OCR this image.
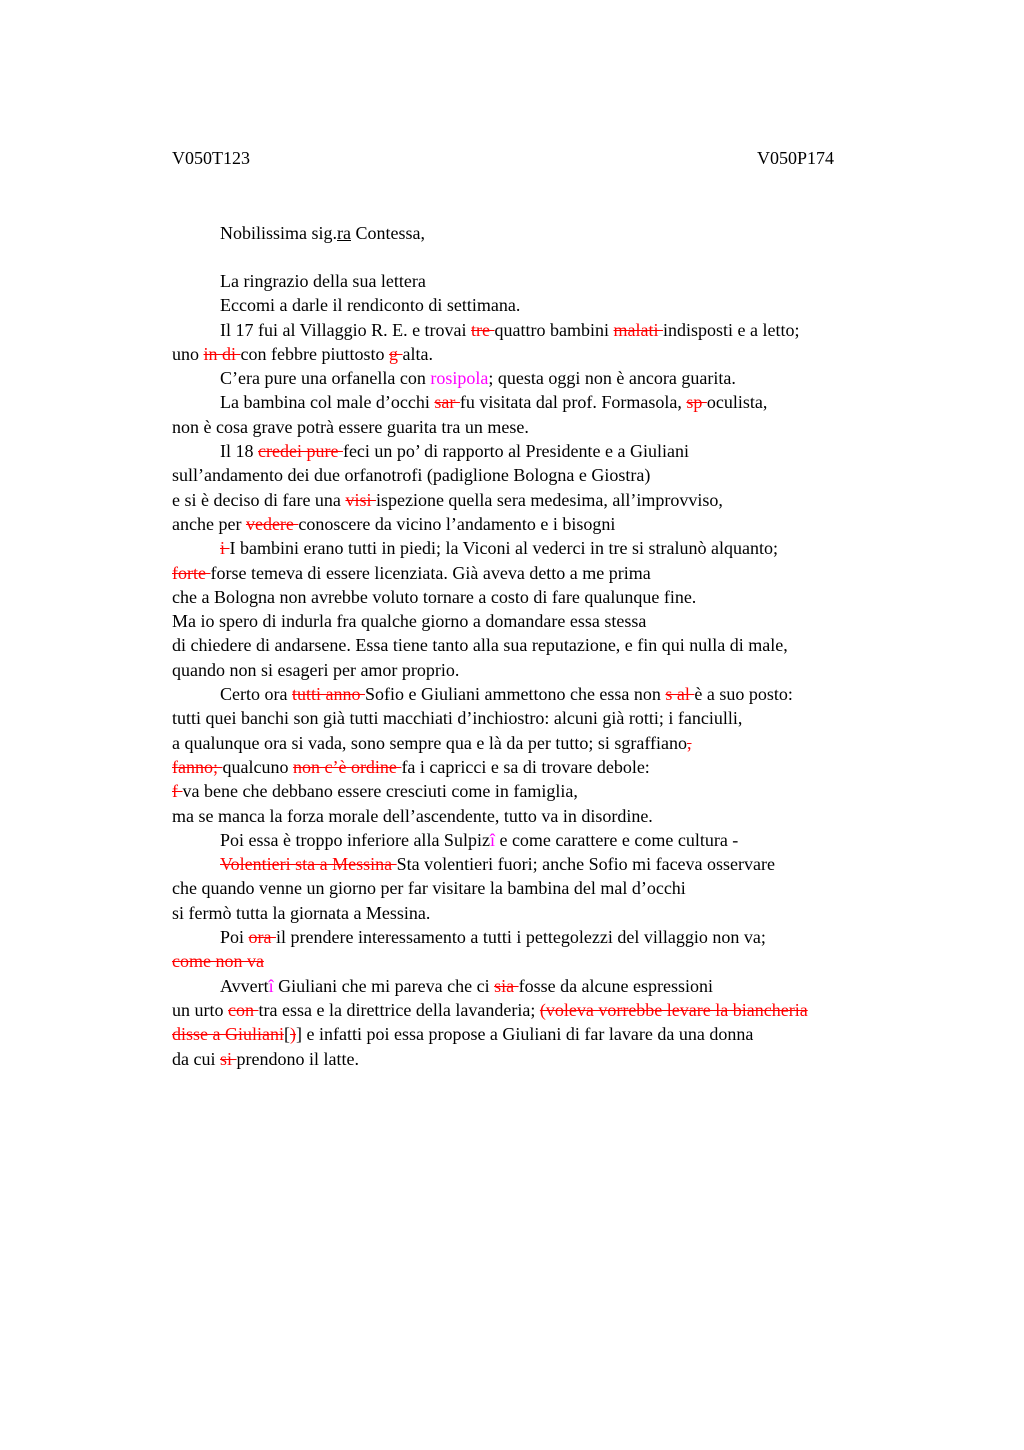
V050T123	V050P174
Nobilissima sig.ra Contessa,
La ringrazio della sua lettera
Eccomi a darle il rendiconto di settimana.
Il 17 fui al Villaggio R. E. e trovai tre quattro bambini malati indisposti e a letto;
uno in di con febbre piuttosto g alta.
C’era pure una orfanella con rosipola; questa oggi non è ancora guarita.
La bambina col male d’occhi sar fu visitata dal prof. Formasola, sp oculista,
non è cosa grave potrà essere guarita tra un mese.
Il 18 credei pure feci un po’ di rapporto al Presidente e a Giuliani
sull’andamento dei due orfanotrofi (padiglione Bologna e Giostra)
e si è deciso di fare una visi ispezione quella sera medesima, all’improvviso,
anche per vedere conoscere da vicino l’andamento e i bisogni
i I bambini erano tutti in piedi; la Viconi al vederci in tre si stralunò alquanto;
forte forse temeva di essere licenziata. Già aveva detto a me prima
che a Bologna non avrebbe voluto tornare a costo di fare qualunque fine.
Ma io spero di indurla fra qualche giorno a domandare essa stessa
di chiedere di andarsene. Essa tiene tanto alla sua reputazione, e fin qui nulla di male,
quando non si esageri per amor proprio.
Certo ora tutti anno Sofio e Giuliani ammettono che essa non s al è a suo posto:
tutti quei banchi son già tutti macchiati d’inchiostro: alcuni già rotti; i fanciulli,
a qualunque ora si vada, sono sempre qua e là da per tutto; si sgraffiano,
fanno; qualcuno non c’è ordine fa i capricci e sa di trovare debole:
f va bene che debbano essere cresciuti come in famiglia,
ma se manca la forza morale dell’ascendente, tutto va in disordine.
Poi essa è troppo inferiore alla Sulpizî e come carattere e come cultura -
Volentieri sta a Messina Sta volentieri fuori; anche Sofio mi faceva osservare
che quando venne un giorno per far visitare la bambina del mal d’occhi
si fermò tutta la giornata a Messina.
Poi ora il prendere interessamento a tutti i pettegolezzi del villaggio non va;
come non va
Avvertî Giuliani che mi pareva che ci sia fosse da alcune espressioni
un urto con tra essa e la direttrice della lavanderia; (voleva vorrebbe levare la biancheria
disse a Giuliani[)] e infatti poi essa propose a Giuliani di far lavare da una donna
da cui si prendono il latte.
